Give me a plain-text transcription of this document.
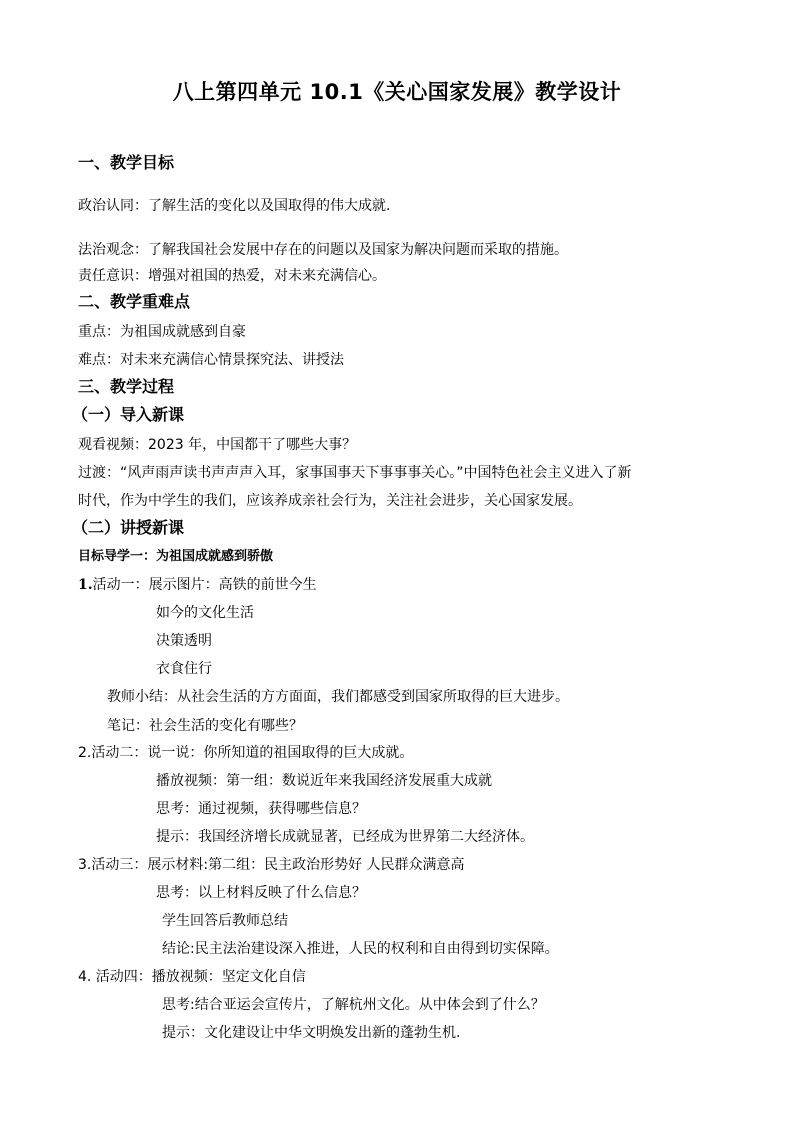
八上第四单元 10.1《关心国家发展》教学设计
一、教学目标
政治认同：了解生活的变化以及国取得的伟大成就.
法治观念：了解我国社会发展中存在的问题以及国家为解决问题而采取的措施。
责任意识：增强对祖国的热爱，对未来充满信心。
二、教学重难点
重点：为祖国成就感到自豪
难点：对未来充满信心情景探究法、讲授法
三、教学过程
（一）导入新课
观看视频：2023 年，中国都干了哪些大事？
过渡：“风声雨声读书声声声入耳，家事国事天下事事事关心。”中国特色社会主义进入了新
时代，作为中学生的我们，应该养成亲社会行为，关注社会进步，关心国家发展。
（二）讲授新课
目标导学一：为祖国成就感到骄傲
1.活动一：展示图片：高铁的前世今生
如今的文化生活
决策透明
衣食住行
教师小结：从社会生活的方方面面，我们都感受到国家所取得的巨大进步。
笔记：社会生活的变化有哪些？
2.活动二：说一说：你所知道的祖国取得的巨大成就。
播放视频：第一组：数说近年来我国经济发展重大成就
思考：通过视频，获得哪些信息？
提示：我国经济增长成就显著，已经成为世界第二大经济体。
3.活动三：展示材料:第二组：民主政治形势好 人民群众满意高
思考：以上材料反映了什么信息？
学生回答后教师总结
结论:民主法治建设深入推进，人民的权利和自由得到切实保障。
4. 活动四：播放视频：坚定文化自信
思考:结合亚运会宣传片，了解杭州文化。从中体会到了什么？
提示：文化建设让中华文明焕发出新的蓬勃生机.
